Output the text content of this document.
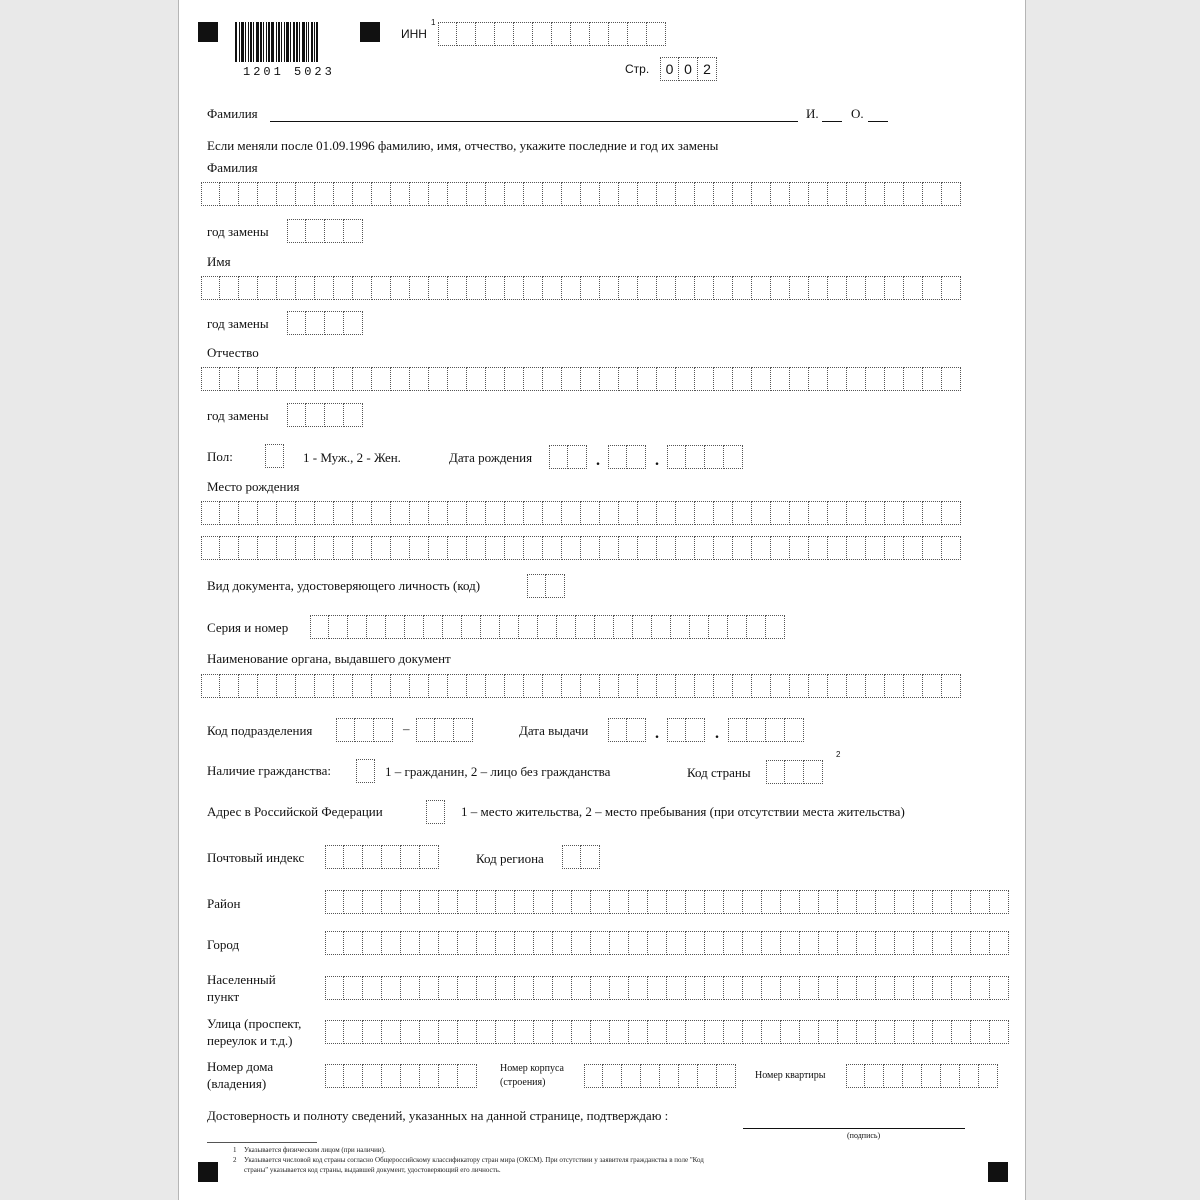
1201 5023
ИНН
1
Стр.	0 0 2
Фамилия	И. О.
Если меняли после 01.09.1996 фамилию, имя, отчество, укажите последние и год их замены
Фамилия
год замены
Имя
год замены
Отчество
год замены
Пол:	1 - Муж., 2 - Жен.	Дата рождения	.	.
Место рождения
Вид документа, удостоверяющего личность (код)
Серия и номер
Наименование органа, выдавшего документ
Код подразделения	–	Дата выдачи	.	.
Наличие гражданства:	1 – гражданин, 2 – лицо без гражданства	Код страны
2
Адрес в Российской Федерации	1 – место жительства, 2 – место пребывания (при отсутствии места жительства)
Почтовый индекс	Код региона
Район
Город
Населенный
пункт
Улица (проспект,
переулок и т.д.)
Номер дома
(владения)
Номер корпуса
(строения)
Номер квартиры
Достоверность и полноту сведений, указанных на данной странице, подтверждаю :
(подпись)
1 Указывается физическим лицом (при наличии).
2 Указывается числовой код страны согласно Общероссийскому классификатору стран мира (ОКСМ). При отсутствии у заявителя гражданства в поле "Код
страны" указывается код страны, выдавшей документ, удостоверяющий его личность.
